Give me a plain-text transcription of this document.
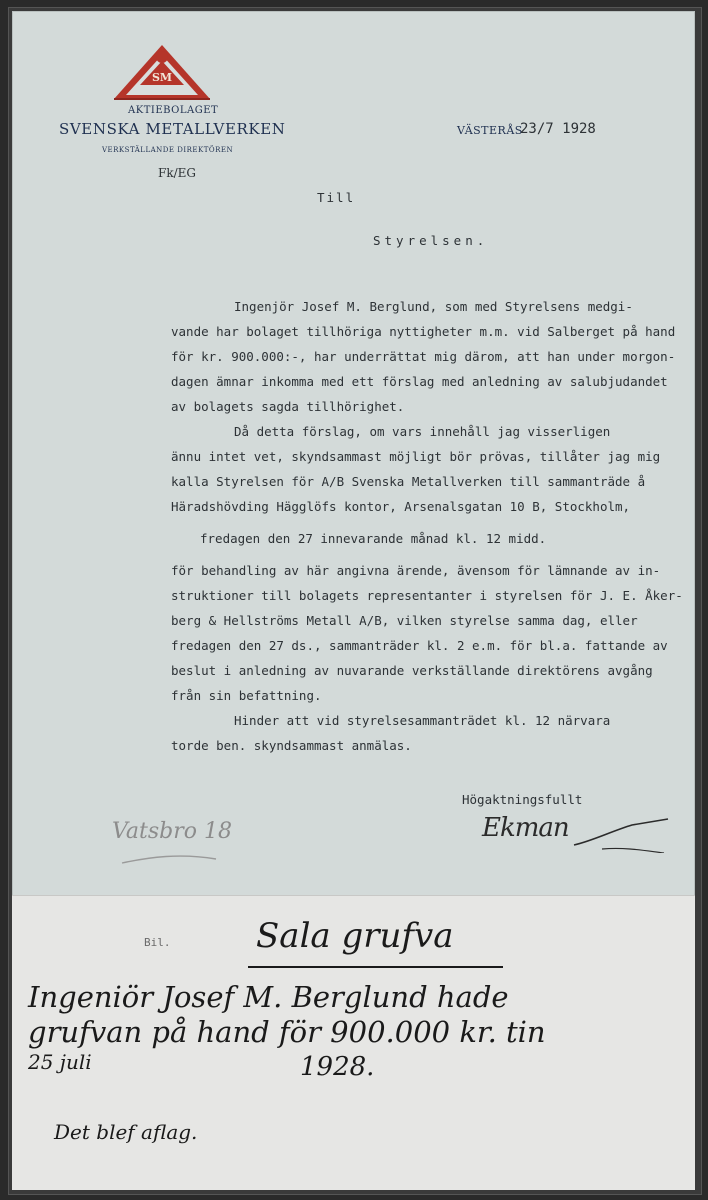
SM
AKTIEBOLAGET
SVENSKA METALLVERKEN
VERKSTÄLLANDE DIREKTÖREN
Fk/EG
VÄSTERÅS
23/7 1928
Till
Styrelsen.
Ingenjör Josef M. Berglund, som med Styrelsens medgi-
vande har bolaget tillhöriga nyttigheter m.m. vid Salberget på hand
för kr. 900.000:-, har underrättat mig därom, att han under morgon-
dagen ämnar inkomma med ett förslag med anledning av salubjudandet
av bolagets sagda tillhörighet.
Då detta förslag, om vars innehåll jag visserligen
ännu intet vet, skyndsammast möjligt bör prövas, tillåter jag mig
kalla Styrelsen för A/B Svenska Metallverken till sammanträde å
Häradshövding Hägglöfs kontor, Arsenalsgatan 10 B, Stockholm,
fredagen den 27 innevarande månad kl. 12 midd.
för behandling av här angivna ärende, ävensom för lämnande av in-
struktioner till bolagets representanter i styrelsen för J. E. Åker-
berg & Hellströms Metall A/B, vilken styrelse samma dag, eller
fredagen den 27 ds., sammanträder kl. 2 e.m. för bl.a. fattande av
beslut i anledning av nuvarande verkställande direktörens avgång
från sin befattning.
Hinder att vid styrelsesammanträdet kl. 12 närvara
torde ben. skyndsammast anmälas.
Högaktningsfullt
Ekman
Vatsbro 18
Bil.	Sala grufva
Ingeniör Josef M. Berglund hade
grufvan på hand för 900.000 kr. tin
25 juli	1928.
Det blef aflag.
